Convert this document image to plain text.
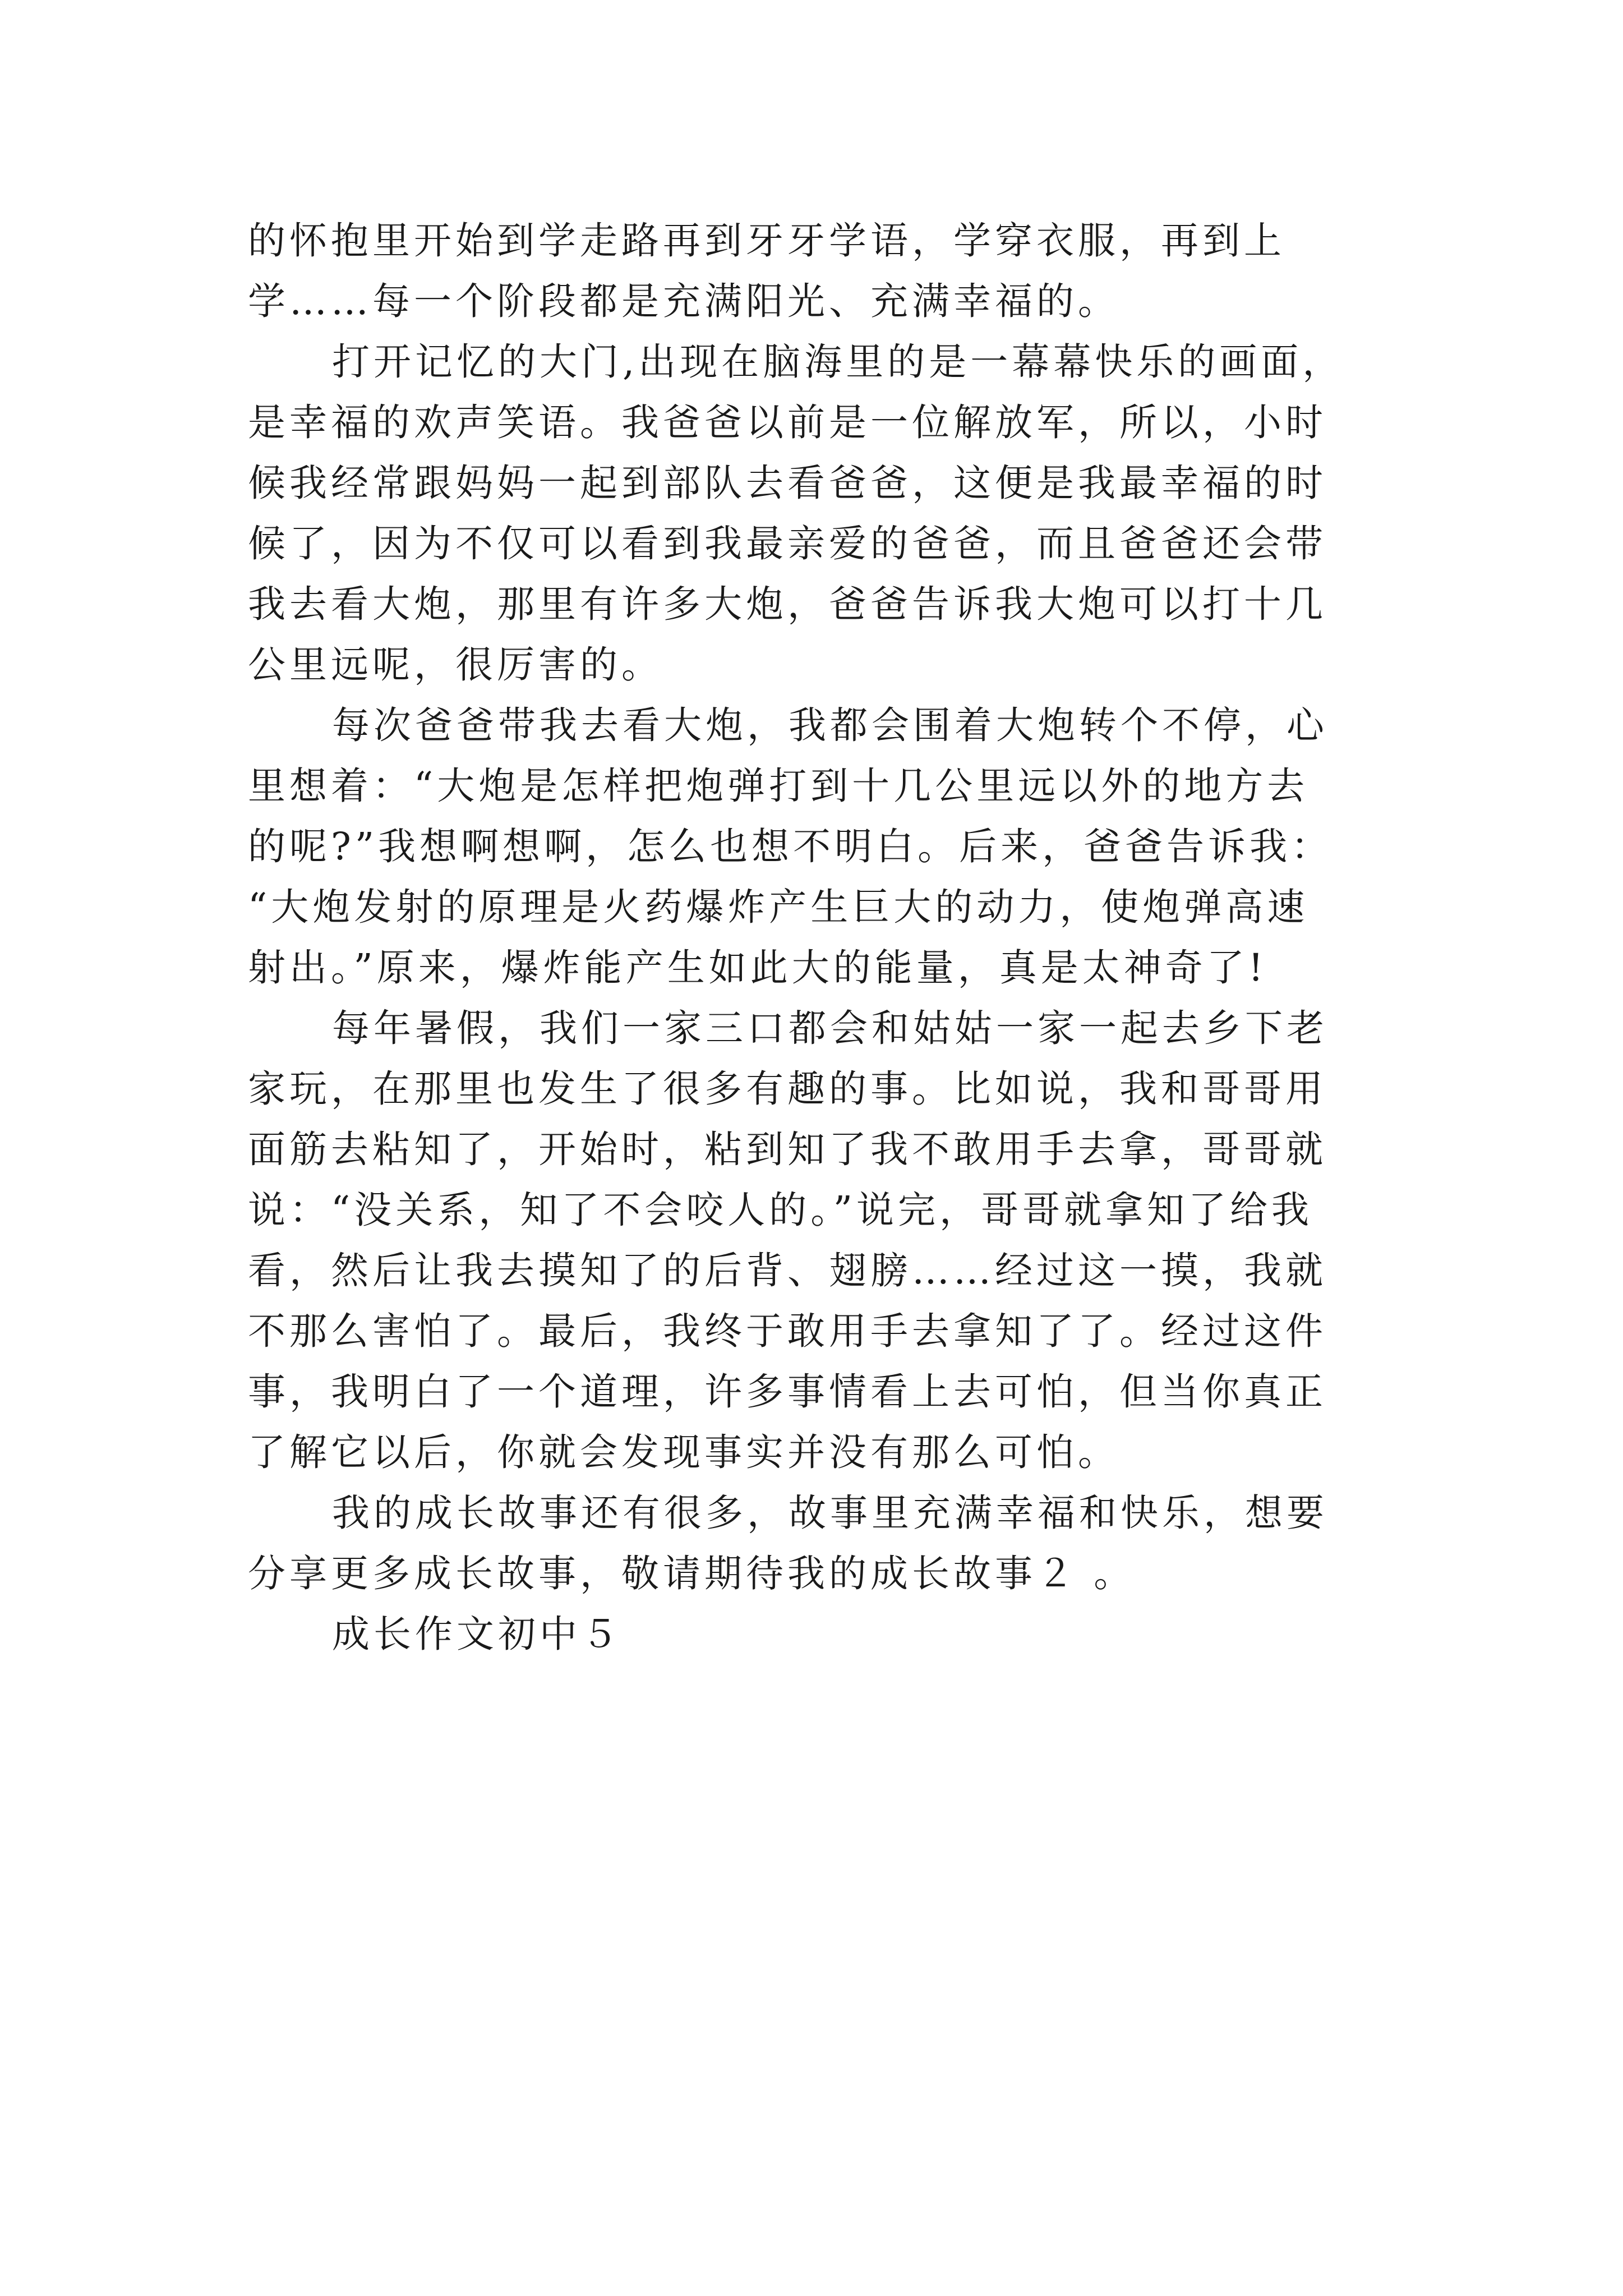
的怀抱里开始到学走路再到牙牙学语，学穿衣服，再到上
学……每一个阶段都是充满阳光、充满幸福的。
打开记忆的大门,出现在脑海里的是一幕幕快乐的画面，
是幸福的欢声笑语。我爸爸以前是一位解放军，所以，小时
候我经常跟妈妈一起到部队去看爸爸，这便是我最幸福的时
候了，因为不仅可以看到我最亲爱的爸爸，而且爸爸还会带
我去看大炮，那里有许多大炮，爸爸告诉我大炮可以打十几
公里远呢，很厉害的。
每次爸爸带我去看大炮，我都会围着大炮转个不停，心
里想着：“大炮是怎样把炮弹打到十几公里远以外的地方去
的呢?”我想啊想啊，怎么也想不明白。后来，爸爸告诉我：
“大炮发射的原理是火药爆炸产生巨大的动力，使炮弹高速
射出。”原来，爆炸能产生如此大的能量，真是太神奇了!
每年暑假，我们一家三口都会和姑姑一家一起去乡下老
家玩，在那里也发生了很多有趣的事。比如说，我和哥哥用
面筋去粘知了，开始时，粘到知了我不敢用手去拿，哥哥就
说：“没关系，知了不会咬人的。”说完，哥哥就拿知了给我
看，然后让我去摸知了的后背、翅膀……经过这一摸，我就
不那么害怕了。最后，我终于敢用手去拿知了了。经过这件
事，我明白了一个道理，许多事情看上去可怕，但当你真正
了解它以后，你就会发现事实并没有那么可怕。
我的成长故事还有很多，故事里充满幸福和快乐，想要
分享更多成长故事，敬请期待我的成长故事２ 。
成长作文初中５
